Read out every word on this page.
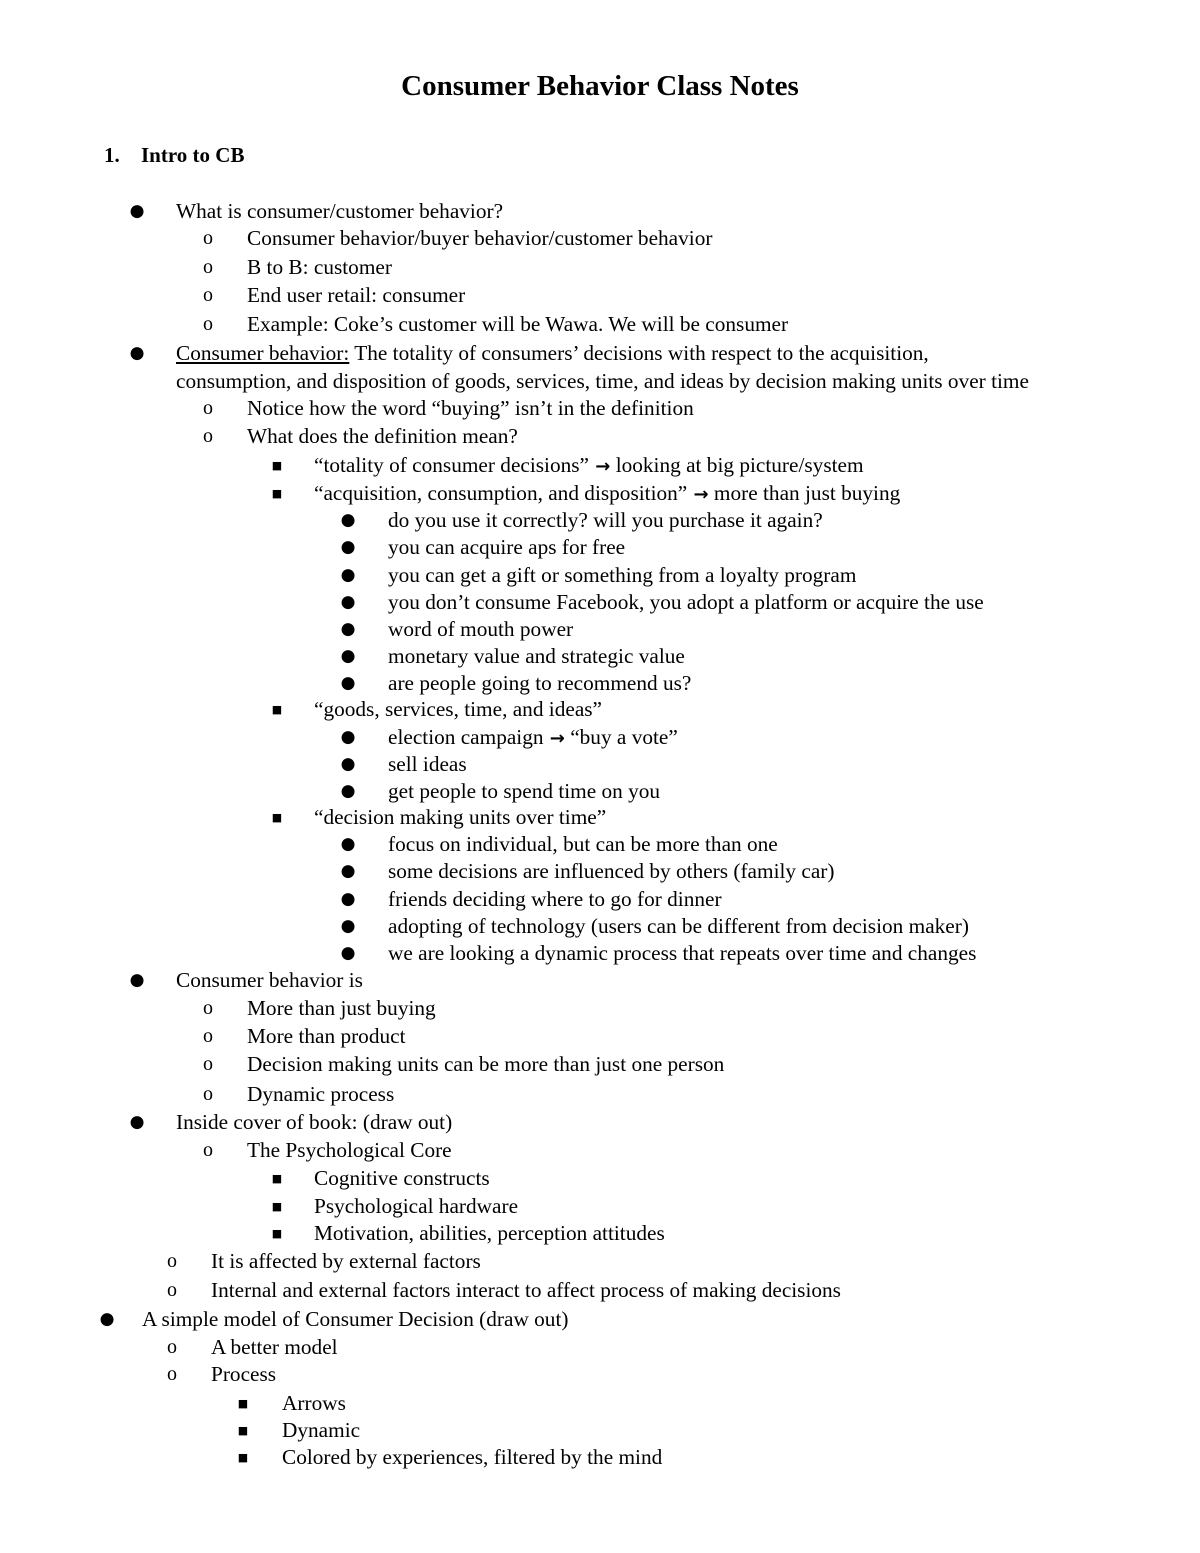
Consumer Behavior Class Notes
1. Intro to CB
● What is consumer/customer behavior?
o Consumer behavior/buyer behavior/customer behavior
o B to B: customer
o End user retail: consumer
o Example: Coke’s customer will be Wawa. We will be consumer
● Consumer behavior: The totality of consumers’ decisions with respect to the acquisition,
consumption, and disposition of goods, services, time, and ideas by decision making units over time
o Notice how the word “buying” isn’t in the definition
o What does the definition mean?
■ “totality of consumer decisions” → looking at big picture/system
■ “acquisition, consumption, and disposition” → more than just buying
● do you use it correctly? will you purchase it again?
● you can acquire aps for free
● you can get a gift or something from a loyalty program
● you don’t consume Facebook, you adopt a platform or acquire the use
● word of mouth power
● monetary value and strategic value
● are people going to recommend us?
■ “goods, services, time, and ideas”
● election campaign → “buy a vote”
● sell ideas
● get people to spend time on you
■ “decision making units over time”
● focus on individual, but can be more than one
● some decisions are influenced by others (family car)
● friends deciding where to go for dinner
● adopting of technology (users can be different from decision maker)
● we are looking a dynamic process that repeats over time and changes
● Consumer behavior is
o More than just buying
o More than product
o Decision making units can be more than just one person
o Dynamic process
● Inside cover of book: (draw out)
o The Psychological Core
■ Cognitive constructs
■ Psychological hardware
■ Motivation, abilities, perception attitudes
o It is affected by external factors
o Internal and external factors interact to affect process of making decisions
● A simple model of Consumer Decision (draw out)
o A better model
o Process
■ Arrows
■ Dynamic
■ Colored by experiences, filtered by the mind
